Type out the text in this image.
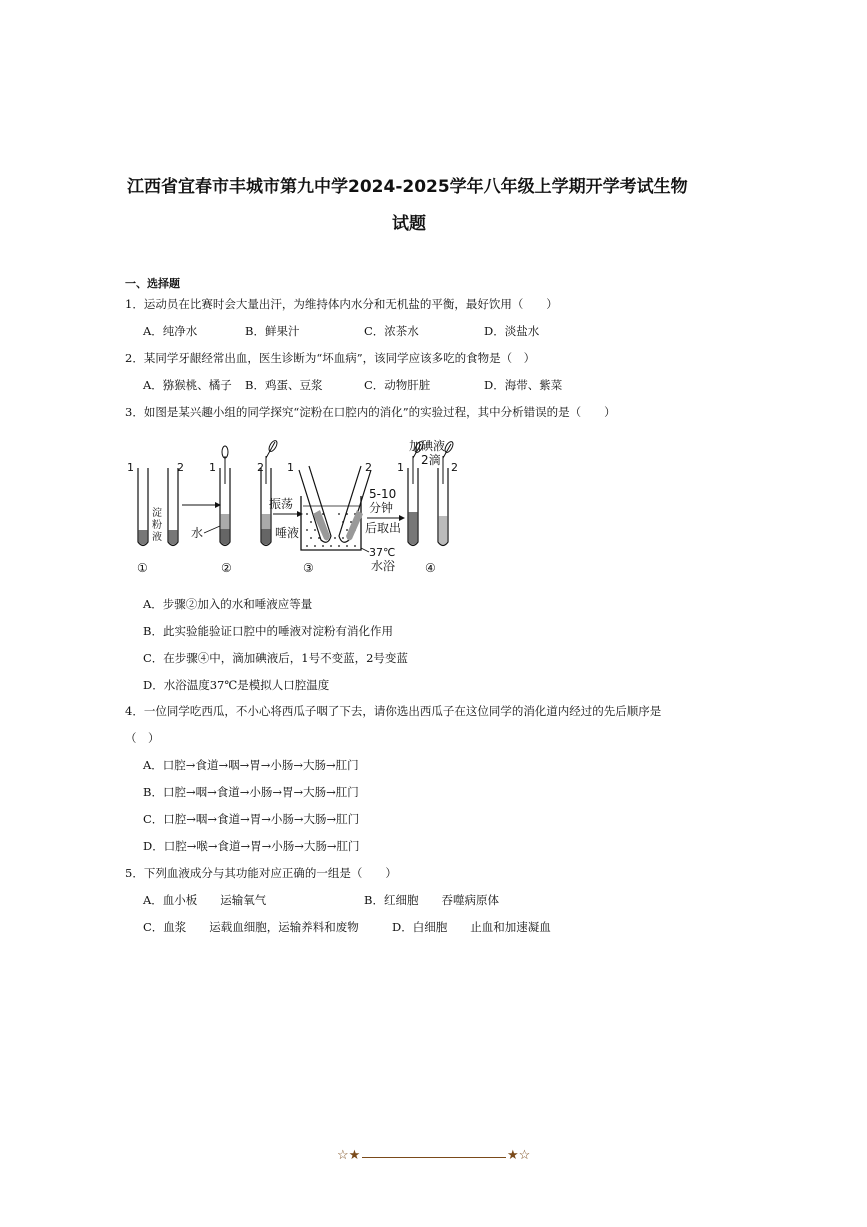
江西省宜春市丰城市第九中学2024-2025学年八年级上学期开学考试生物
试题
一、选择题
1．运动员在比赛时会大量出汗，为维持体内水分和无机盐的平衡，最好饮用（　　）
A．纯净水	B．鲜果汁	C．浓茶水	D．淡盐水
2．某同学牙龈经常出血，医生诊断为“坏血病”，该同学应该多吃的食物是（　）
A．猕猴桃、橘子 B．鸡蛋、豆浆	C．动物肝脏	D．海带、紫菜
3．如图是某兴趣小组的同学探究“淀粉在口腔内的消化”的实验过程，其中分析错误的是（　　）
1	2
淀
粉
液
①
1	2
水
②
振荡
唾液
1	2
③
5-10
分钟
后取出
37℃
水浴
加碘液
2滴
1	2
④
A．步骤②加入的水和唾液应等量
B．此实验能验证口腔中的唾液对淀粉有消化作用
C．在步骤④中，滴加碘液后，1号不变蓝，2号变蓝
D．水浴温度37℃是模拟人口腔温度
4．一位同学吃西瓜，不小心将西瓜子咽了下去，请你选出西瓜子在这位同学的消化道内经过的先后顺序是
（　）
A．口腔→食道→咽→胃→小肠→大肠→肛门
B．口腔→咽→食道→小肠→胃→大肠→肛门
C．口腔→咽→食道→胃→小肠→大肠→肛门
D．口腔→喉→食道→胃→小肠→大肠→肛门
5．下列血液成分与其功能对应正确的一组是（　　）
A．血小板　　运输氧气	B．红细胞　　吞噬病原体
C．血浆　　运载血细胞，运输养料和废物	D．白细胞　　止血和加速凝血
☆★	★☆
